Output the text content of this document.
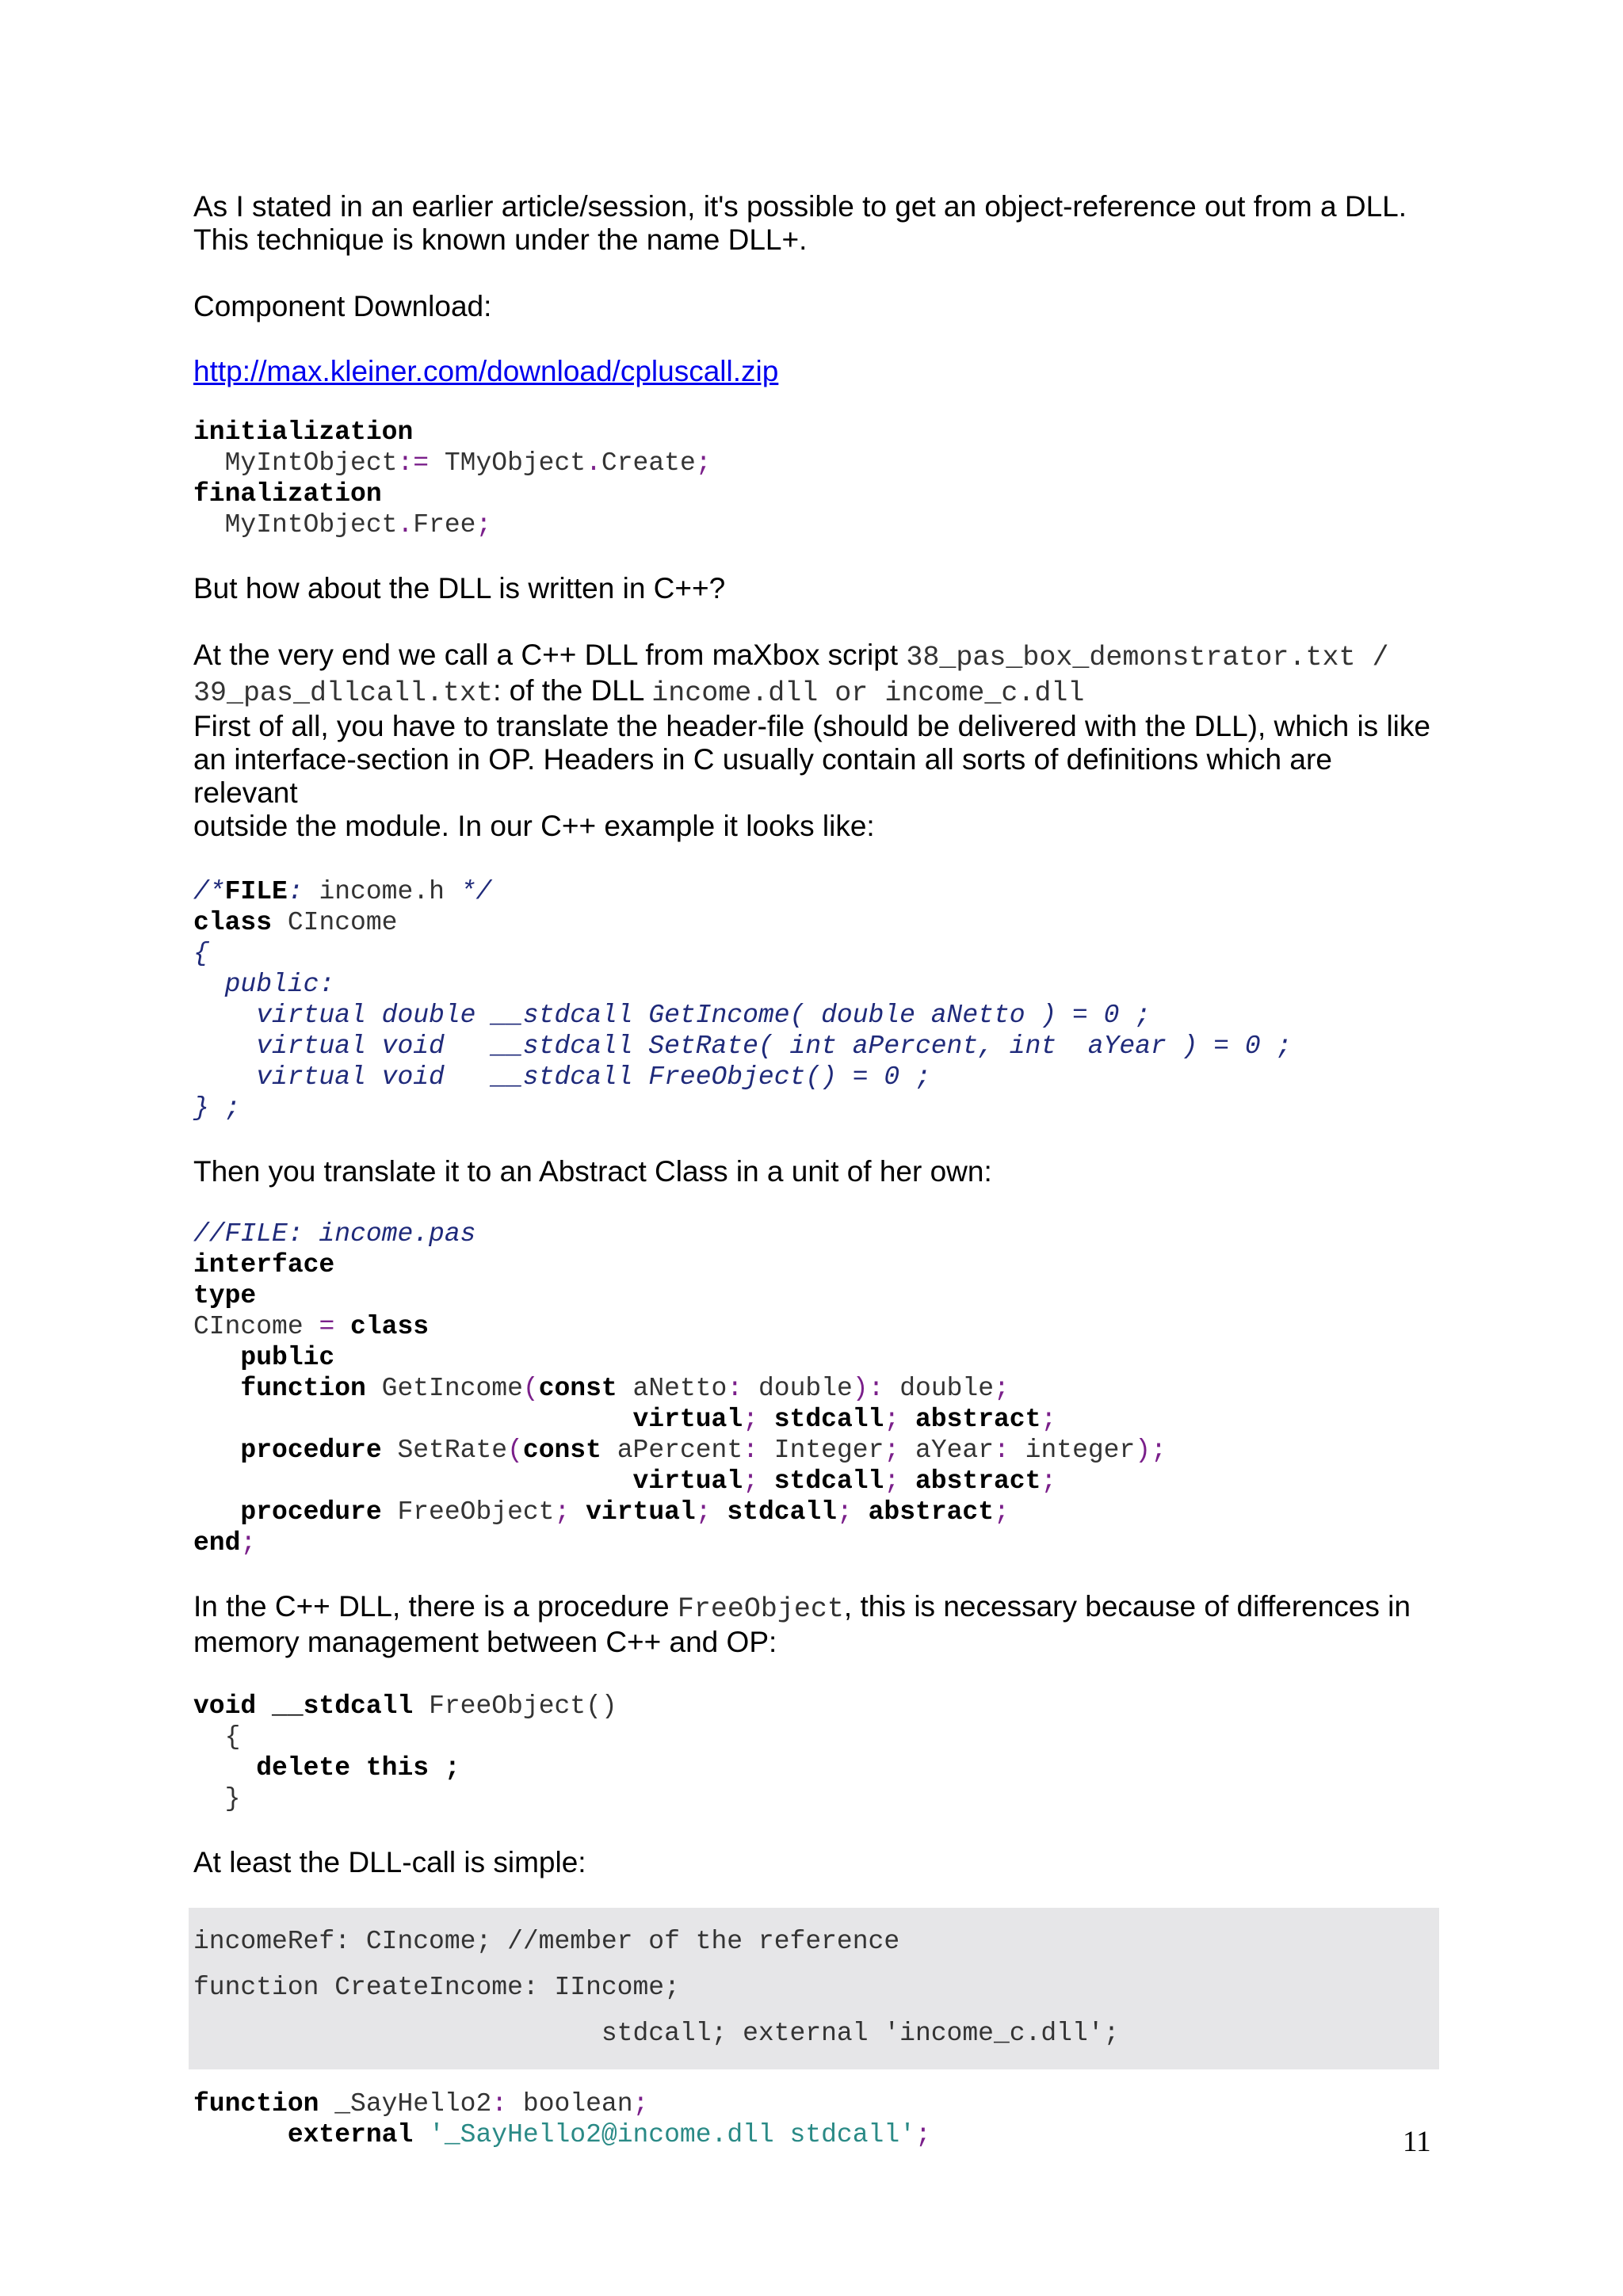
As I stated in an earlier article/session, it's possible to get an object-reference out from a DLL.
This technique is known under the name DLL+.

Component Download:

http://max.kleiner.com/download/cpluscall.zip

initialization
MyIntObject:= TMyObject.Create;
finalization
MyIntObject.Free;

But how about the DLL is written in C++?

At the very end we call a C++ DLL from maXbox script 38_pas_box_demonstrator.txt /
39_pas_dllcall.txt: of the DLL income.dll or income_c.dll
First of all, you have to translate the header-file (should be delivered with the DLL), which is like
an interface-section in OP. Headers in C usually contain all sorts of definitions which are relevant
outside the module. In our C++ example it looks like:

/*FILE: income.h */
class CIncome
{
public:
virtual double __stdcall GetIncome( double aNetto ) = 0 ;
virtual void   __stdcall SetRate( int aPercent, int  aYear ) = 0 ;
virtual void   __stdcall FreeObject() = 0 ;
} ;

Then you translate it to an Abstract Class in a unit of her own:

//FILE: income.pas
interface
type
CIncome = class
public
function GetIncome(const aNetto: double): double;
virtual; stdcall; abstract;
procedure SetRate(const aPercent: Integer; aYear: integer);
virtual; stdcall; abstract;
procedure FreeObject; virtual; stdcall; abstract;
end;

In the C++ DLL, there is a procedure FreeObject, this is necessary because of differences in
memory management between C++ and OP:

void __stdcall FreeObject()
{
delete this ;
}

At least the DLL-call is simple:

incomeRef: CIncome; //member of the reference
function CreateIncome: IIncome;
stdcall; external 'income_c.dll';
function _SayHello2: boolean;
external '_SayHello2@income.dll stdcall';	11
